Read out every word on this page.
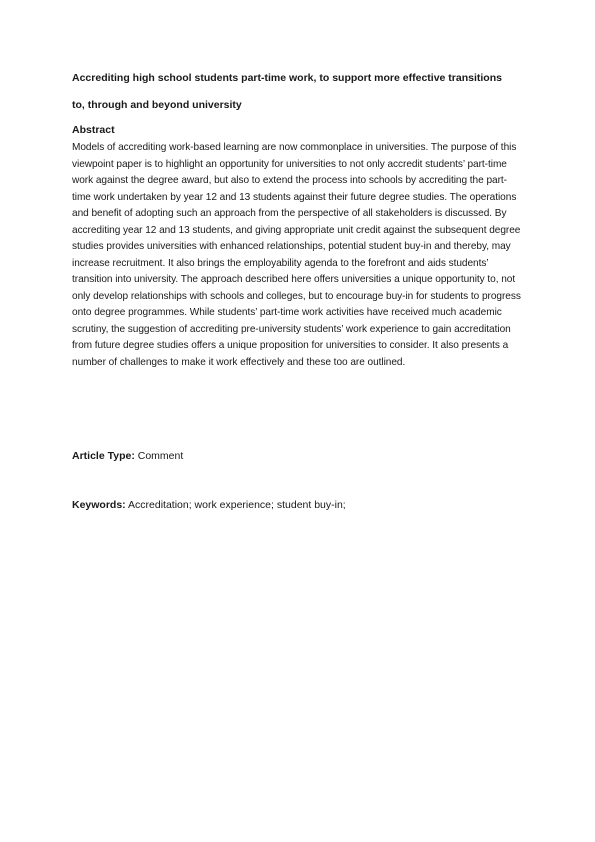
Accrediting high school students part-time work, to support more effective transitions
to, through and beyond university
Abstract

Models of accrediting work-based learning are now commonplace in universities. The purpose of this viewpoint paper is to highlight an opportunity for universities to not only accredit students’ part-time work against the degree award, but also to extend the process into schools by accrediting the part-time work undertaken by year 12 and 13 students against their future degree studies. The operations and benefit of adopting such an approach from the perspective of all stakeholders is discussed. By accrediting year 12 and 13 students, and giving appropriate unit credit against the subsequent degree studies provides universities with enhanced relationships, potential student buy-in and thereby, may increase recruitment. It also brings the employability agenda to the forefront and aids students’ transition into university. The approach described here offers universities a unique opportunity to, not only develop relationships with schools and colleges, but to encourage buy-in for students to progress onto degree programmes. While students’ part-time work activities have received much academic scrutiny, the suggestion of accrediting pre-university students’ work experience to gain accreditation from future degree studies offers a unique proposition for universities to consider. It also presents a number of challenges to make it work effectively and these too are outlined.

Article Type: Comment

Keywords: Accreditation; work experience; student buy-in;
